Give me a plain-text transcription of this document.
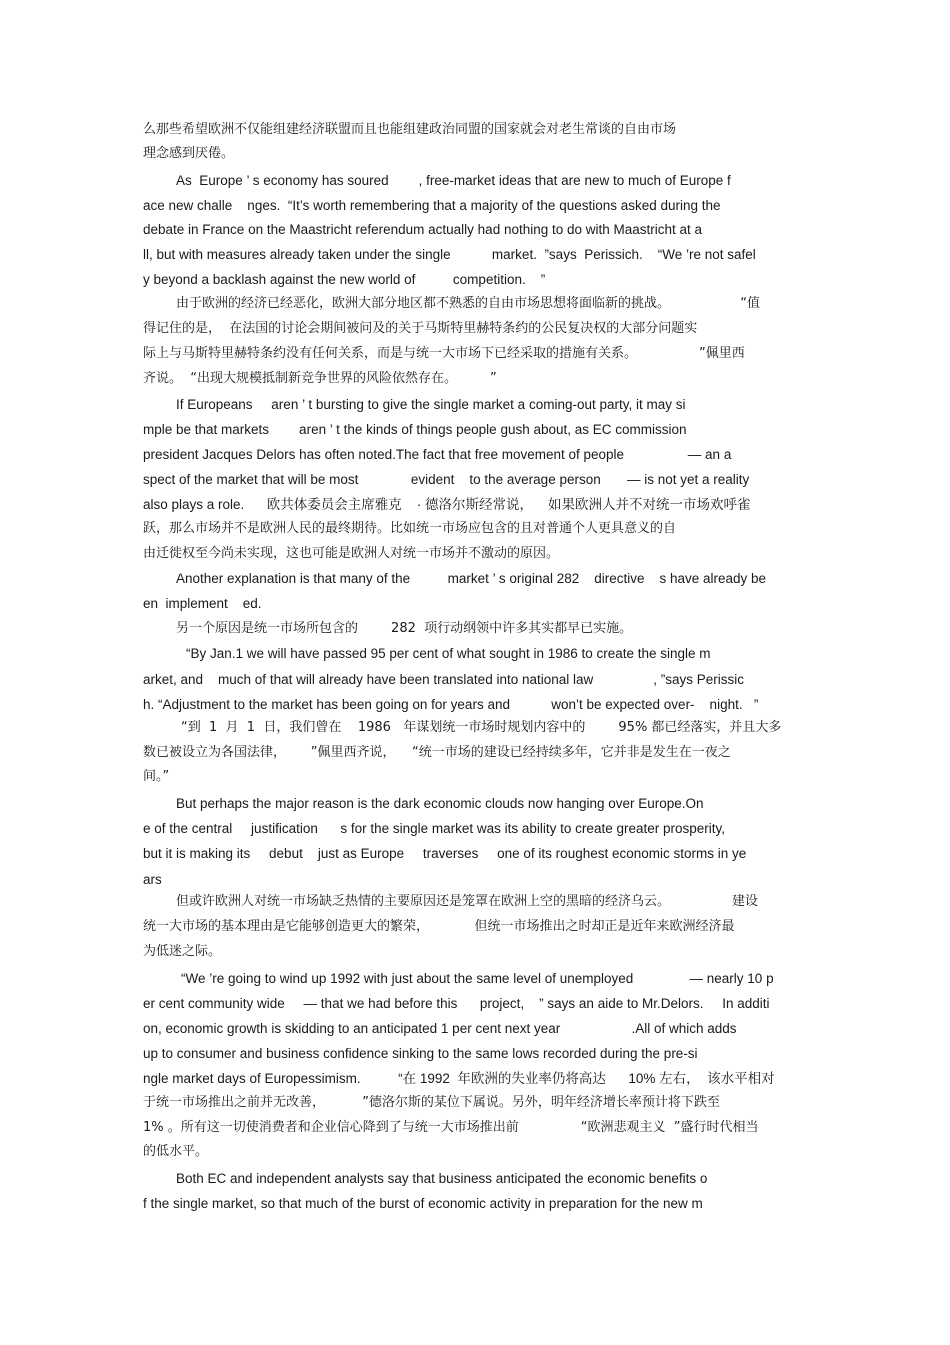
么那些希望欧洲不仅能组建经济联盟而且也能组建政治同盟的国家就会对老生常谈的自由市场

理念感到厌倦。

As  Europe ’ s economy has soured        , free-market ideas that are new to much of Europe f

ace new challe    nges.  “It’s worth remembering that a majority of the questions asked during the

debate in France on the Maastricht referendum actually had nothing to do with Maastricht at a

ll, but with measures already taken under the single           market.  ”says  Perissich.    “We ’re not safel

y beyond a backlash against the new world of          competition.    ”

由于欧洲的经济已经恶化，欧洲大部分地区都不熟悉的自由市场思想将面临新的挑战。                 “值

得记住的是，  在法国的讨论会期间被问及的关于马斯特里赫特条约的公民复决权的大部分问题实

际上与马斯特里赫特条约没有任何关系，而是与统一大市场下已经采取的措施有关系。               ”佩里西

齐说。  “出现大规模抵制新竞争世界的风险依然存在。        ”

If Europeans     aren ’ t bursting to give the single market a coming-out party, it may si

mple be that markets        aren ’ t the kinds of things people gush about, as EC commission

president Jacques Delors has often noted.The fact that free movement of people                 — an a

spect of the market that will be most              evident    to the average person       — is not yet a reality

also plays a role.      欧共体委员会主席雅克    · 德洛尔斯经常说，    如果欧洲人并不对统一市场欢呼雀

跃，那么市场并不是欧洲人民的最终期待。比如统一市场应包含的且对普通个人更具意义的自

由迁徙权至今尚未实现，这也可能是欧洲人对统一市场并不激动的原因。

Another explanation is that many of the          market ’ s original 282    directive    s have already be

en  implement    ed.

另一个原因是统一市场所包含的        282  项行动纲领中许多其实都早已实施。

“By Jan.1 we will have passed 95 per cent of what sought in 1986 to create the single m

arket, and    much of that will already have been translated into national law                , ”says Perissic

h. “Adjustment to the market has been going on for years and           won’t be expected over-    night.   ”

“到  1  月  1  日，我们曾在    1986   年谋划统一市场时规划内容中的        95% 都已经落实，并且大多

数已被设立为各国法律，      ”佩里西齐说，    “统一市场的建设已经持续多年，它并非是发生在一夜之

间。”

But perhaps the major reason is the dark economic clouds now hanging over Europe.On

e of the central     justification      s for the single market was its ability to create greater prosperity,

but it is making its     debut    just as Europe     traverses     one of its roughest economic storms in ye

ars

但或许欧洲人对统一市场缺乏热情的主要原因还是笼罩在欧洲上空的黑暗的经济乌云。               建设

统一大市场的基本理由是它能够创造更大的繁荣，           但统一市场推出之时却正是近年来欧洲经济最

为低迷之际。

“We ’re going to wind up 1992 with just about the same level of unemployed               — nearly 10 p

er cent community wide     — that we had before this      project,    ” says an aide to Mr.Delors.     In additi

on, economic growth is skidding to an anticipated 1 per cent next year                   .All of which adds

up to consumer and business confidence sinking to the same lows recorded during the pre-si

ngle market days of Europessimism.          “在 1992  年欧洲的失业率仍将高达      10% 左右，  该水平相对

于统一市场推出之前并无改善，         ”德洛尔斯的某位下属说。另外，明年经济增长率预计将下跌至

1% 。所有这一切使消费者和企业信心降到了与统一大市场推出前               “欧洲悲观主义  ”盛行时代相当

的低水平。

Both EC and independent analysts say that business anticipated the economic benefits o

f the single market, so that much of the burst of economic activity in preparation for the new m
